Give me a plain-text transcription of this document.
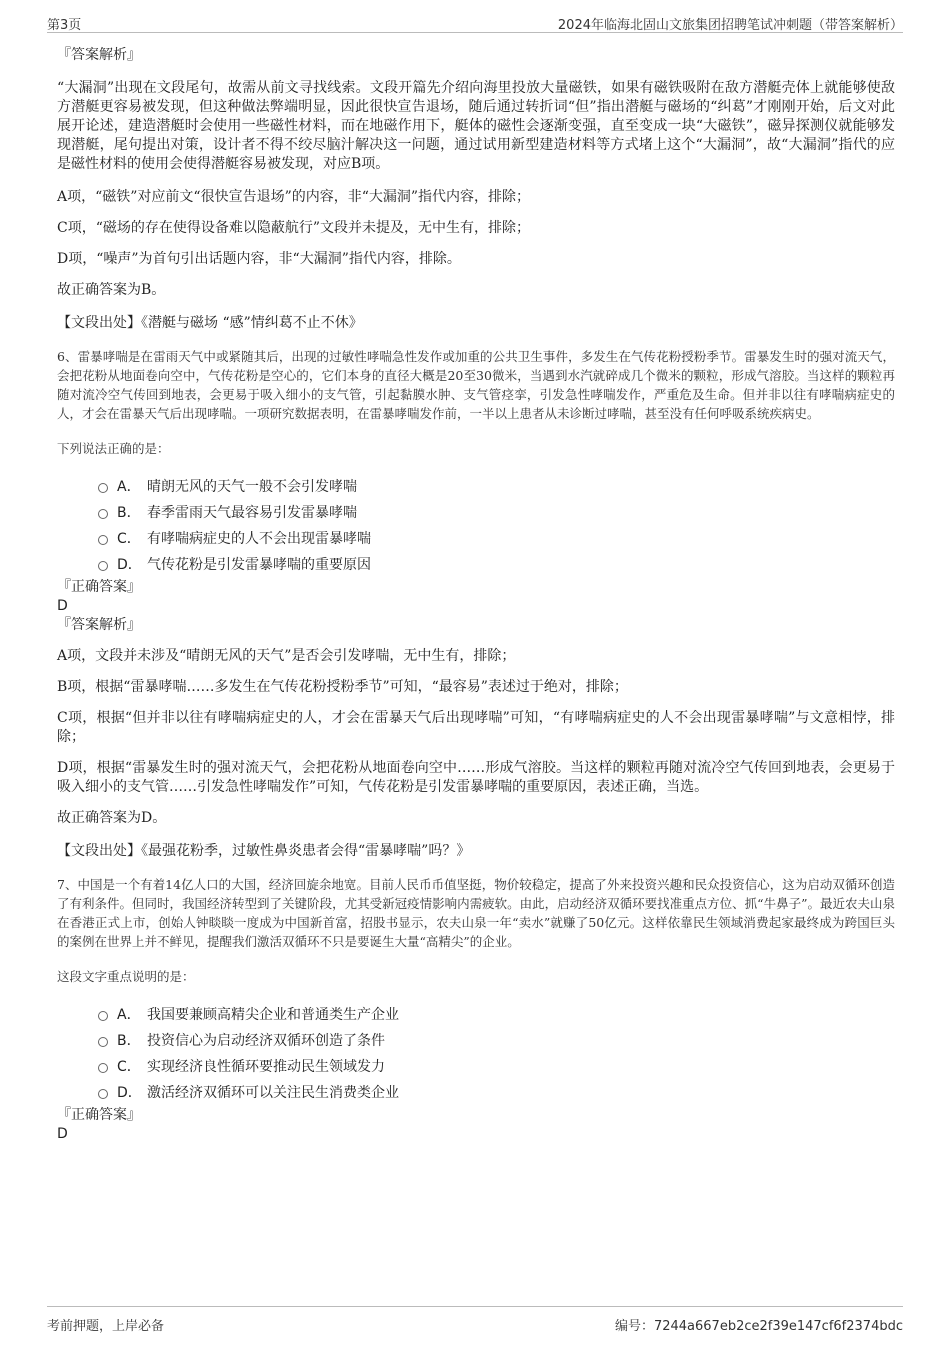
第3页	2024年临海北固山文旅集团招聘笔试冲刺题（带答案解析）

『答案解析』

“大漏洞”出现在文段尾句，故需从前文寻找线索。文段开篇先介绍向海里投放大量磁铁，如果有磁铁吸附在敌方潜艇壳体上就能够使敌方潜艇更容易被发现，但这种做法弊端明显，因此很快宣告退场，随后通过转折词“但”指出潜艇与磁场的“纠葛”才刚刚开始，后文对此展开论述，建造潜艇时会使用一些磁性材料，而在地磁作用下，艇体的磁性会逐渐变强，直至变成一块“大磁铁”，磁异探测仪就能够发现潜艇，尾句提出对策，设计者不得不绞尽脑汁解决这一问题，通过试用新型建造材料等方式堵上这个“大漏洞”，故“大漏洞”指代的应是磁性材料的使用会使得潜艇容易被发现，对应B项。

A项，“磁铁”对应前文“很快宣告退场”的内容，非“大漏洞”指代内容，排除；

C项，“磁场的存在使得设备难以隐蔽航行”文段并未提及，无中生有，排除；

D项，“噪声”为首句引出话题内容，非“大漏洞”指代内容，排除。

故正确答案为B。

【文段出处】《潜艇与磁场 “感”情纠葛不止不休》

6、雷暴哮喘是在雷雨天气中或紧随其后，出现的过敏性哮喘急性发作或加重的公共卫生事件，多发生在气传花粉授粉季节。雷暴发生时的强对流天气，会把花粉从地面卷向空中，气传花粉是空心的，它们本身的直径大概是20至30微米，当遇到水汽就碎成几个微米的颗粒，形成气溶胶。当这样的颗粒再随对流冷空气传回到地表，会更易于吸入细小的支气管，引起黏膜水肿、支气管痉挛，引发急性哮喘发作，严重危及生命。但并非以往有哮喘病症史的人，才会在雷暴天气后出现哮喘。一项研究数据表明，在雷暴哮喘发作前，一半以上患者从未诊断过哮喘，甚至没有任何呼吸系统疾病史。

下列说法正确的是：

A． 晴朗无风的天气一般不会引发哮喘
B． 春季雷雨天气最容易引发雷暴哮喘
C． 有哮喘病症史的人不会出现雷暴哮喘
D． 气传花粉是引发雷暴哮喘的重要原因

『正确答案』

D

『答案解析』

A项，文段并未涉及“晴朗无风的天气”是否会引发哮喘，无中生有，排除；

B项，根据“雷暴哮喘……多发生在气传花粉授粉季节”可知，“最容易”表述过于绝对，排除；

C项，根据“但并非以往有哮喘病症史的人，才会在雷暴天气后出现哮喘”可知，“有哮喘病症史的人不会出现雷暴哮喘”与文意相悖，排除；

D项，根据“雷暴发生时的强对流天气，会把花粉从地面卷向空中……形成气溶胶。当这样的颗粒再随对流冷空气传回到地表，会更易于吸入细小的支气管……引发急性哮喘发作”可知，气传花粉是引发雷暴哮喘的重要原因，表述正确，当选。

故正确答案为D。

【文段出处】《最强花粉季，过敏性鼻炎患者会得“雷暴哮喘”吗？》

7、中国是一个有着14亿人口的大国，经济回旋余地宽。目前人民币币值坚挺，物价较稳定，提高了外来投资兴趣和民众投资信心，这为启动双循环创造了有利条件。但同时，我国经济转型到了关键阶段，尤其受新冠疫情影响内需疲软。由此，启动经济双循环要找准重点方位、抓“牛鼻子”。最近农夫山泉在香港正式上市，创始人钟睒睒一度成为中国新首富，招股书显示，农夫山泉一年“卖水”就赚了50亿元。这样依靠民生领域消费起家最终成为跨国巨头的案例在世界上并不鲜见，提醒我们激活双循环不只是要诞生大量“高精尖”的企业。

这段文字重点说明的是：

A． 我国要兼顾高精尖企业和普通类生产企业
B． 投资信心为启动经济双循环创造了条件
C． 实现经济良性循环要推动民生领域发力
D． 激活经济双循环可以关注民生消费类企业

『正确答案』

D

考前押题，上岸必备	编号：7244a667eb2ce2f39e147cf6f2374bdc
